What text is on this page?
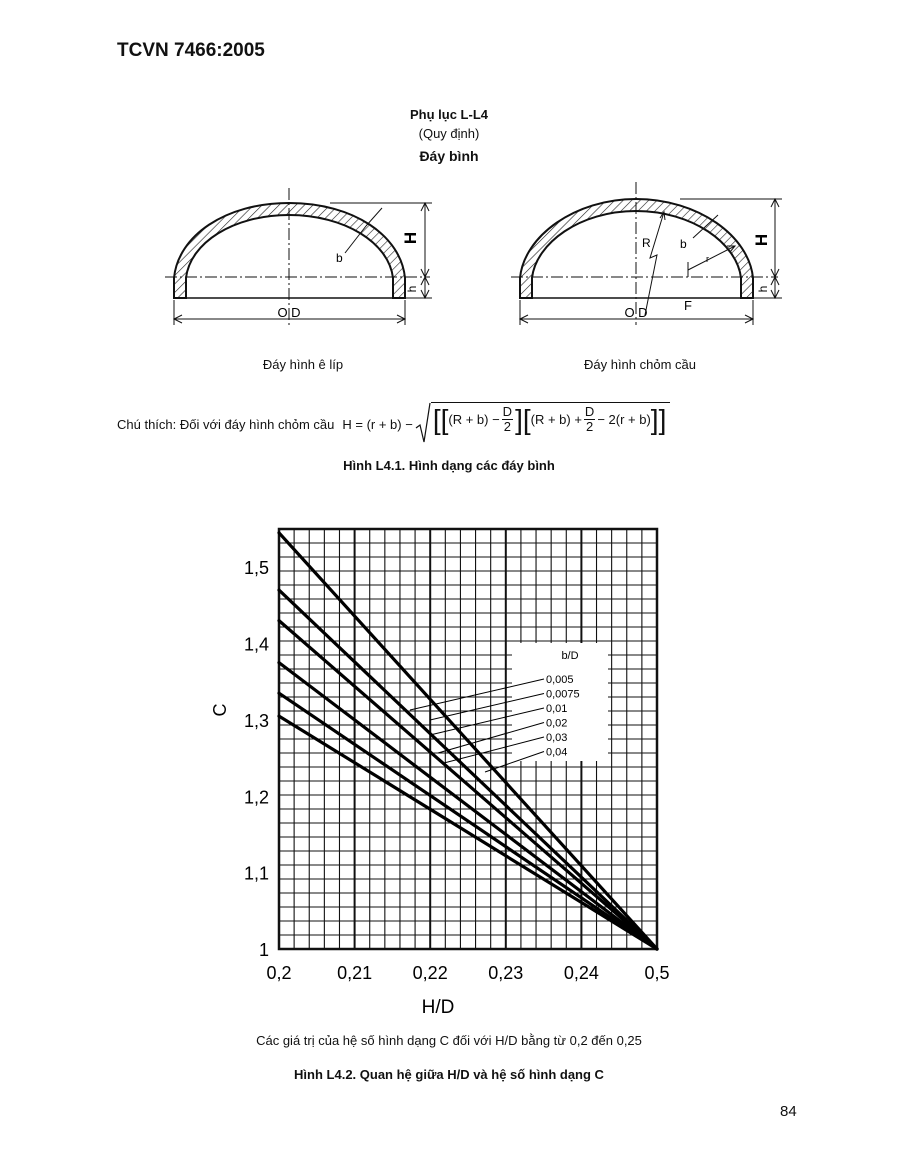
TCVN 7466:2005
Phụ lục L-L4
(Quy định)
Đáy bình
H
h
b
O D
H
h
R b
r
O D	F
Đáy hình ê líp	Đáy hình chỏm cầu
Chú thích: Đối với đáy hình chỏm cầu H = (r + b) − [ [ $(R + b) - \frac{D}{2}$ ] [ $(R + b) + \frac{D}{2} - 2(r + b)$ ] ]
Hình L4.1. Hình dạng các đáy bình
b/D
0,005
0,0075
0,01
0,02
0,03
0,04
1
1,1
1,2
1,3
1,4
1,5
0,2	0,21 0,22 0,23 0,24	0,5
C
H/D
Các giá trị của hệ số hình dạng C đối với H/D bằng từ 0,2 đến 0,25
Hình L4.2. Quan hệ giữa H/D và hệ số hình dạng C
84
